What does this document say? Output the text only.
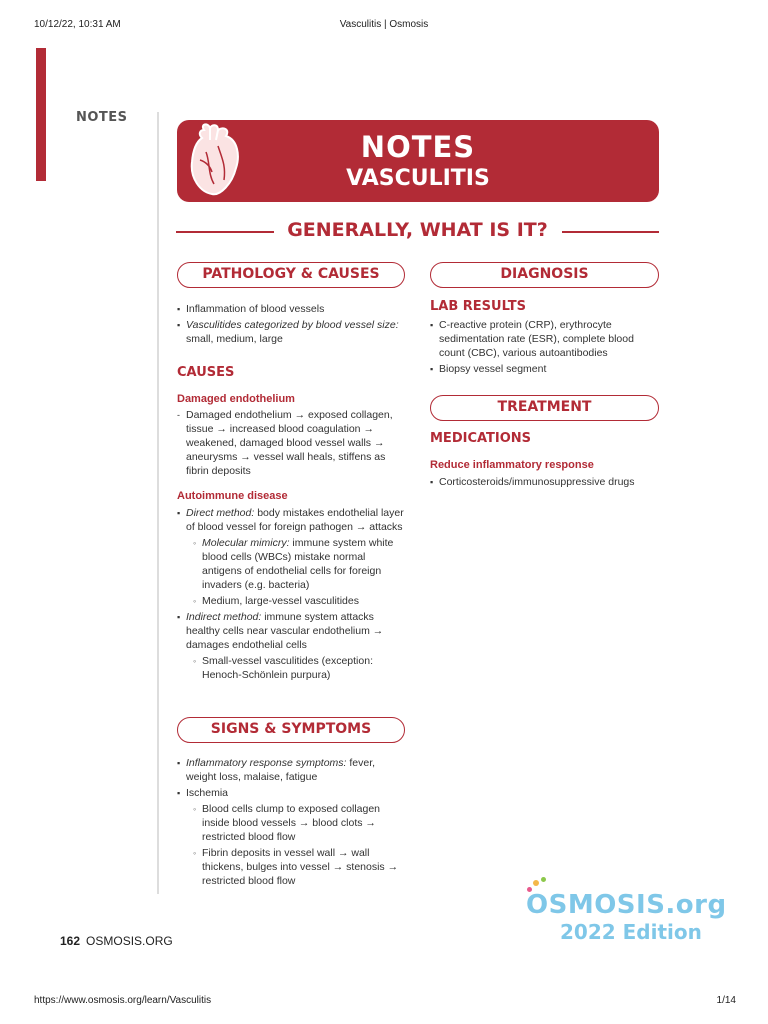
10/12/22, 10:31 AM	Vasculitis | Osmosis
NOTES
NOTES
VASCULITIS
GENERALLY, WHAT IS IT?
PATHOLOGY & CAUSES
▪ Inflammation of blood vessels
▪ Vasculitides categorized by blood vessel size: small, medium, large
CAUSES
Damaged endothelium
- Damaged endothelium → exposed collagen, tissue → increased blood coagulation → weakened, damaged blood vessel walls → aneurysms → vessel wall heals, stiffens as fibrin deposits
Autoimmune disease
▪ Direct method: body mistakes endothelial layer of blood vessel for foreign pathogen → attacks
◦ Molecular mimicry: immune system white blood cells (WBCs) mistake normal antigens of endothelial cells for foreign invaders (e.g. bacteria)
◦ Medium, large-vessel vasculitides
▪ Indirect method: immune system attacks healthy cells near vascular endothelium → damages endothelial cells
◦ Small-vessel vasculitides (exception: Henoch-Schönlein purpura)
SIGNS & SYMPTOMS
▪ Inflammatory response symptoms: fever, weight loss, malaise, fatigue
▪ Ischemia
◦ Blood cells clump to exposed collagen inside blood vessels → blood clots → restricted blood flow
◦ Fibrin deposits in vessel wall → wall thickens, bulges into vessel → stenosis → restricted blood flow
DIAGNOSIS
LAB RESULTS
▪ C-reactive protein (CRP), erythrocyte sedimentation rate (ESR), complete blood count (CBC), various autoantibodies
▪ Biopsy vessel segment
TREATMENT
MEDICATIONS
Reduce inflammatory response
▪ Corticosteroids/immunosuppressive drugs
OSMOSIS.org
2022 Edition
162 OSMOSIS.ORG
https://www.osmosis.org/learn/Vasculitis	1/14
